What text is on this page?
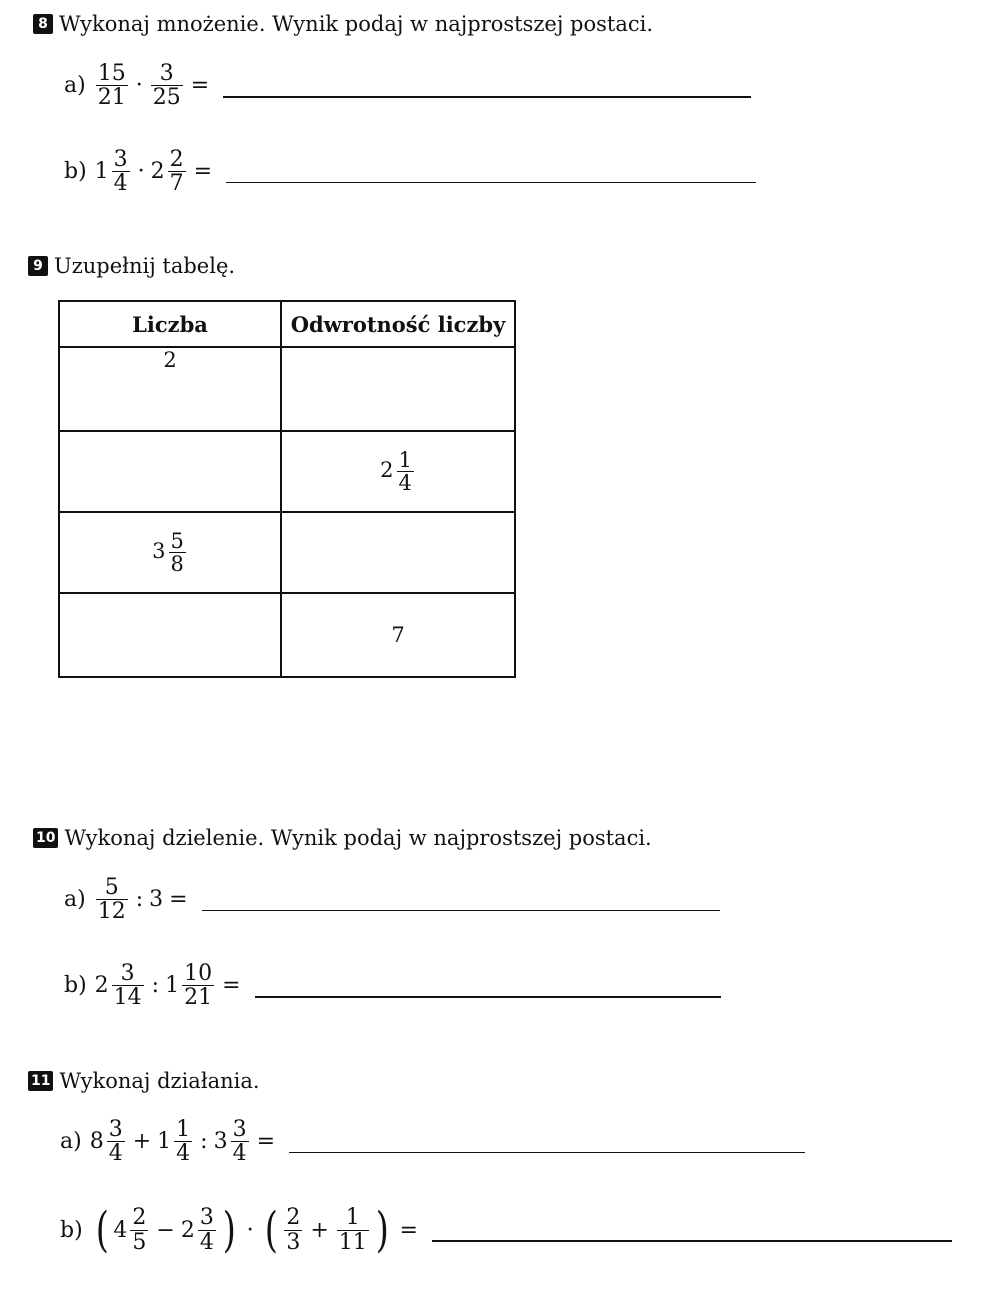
8 Wykonaj mnożenie. Wynik podaj w najprostszej postaci.
$a) \frac{15}{21} \cdot \frac{3}{25}$ =
b) $1 \frac{3}{4} \cdot 2 \frac{2}{7}$ =
9 Uzupełnij tabelę.
Liczba	Odwrotność liczby
2	
	$2 \frac{1}{4}$

$3 \frac{5}{8}$

	7
10 Wykonaj dzielenie. Wynik podaj w najprostszej postaci.
$a) \frac{5}{12}$ : 3 =
b) $2 \frac{3}{14}$ : $1 \frac{10}{21}$ =
11 Wykonaj działania.
a) $8 \frac{3}{4} + 1 \frac{1}{4}$ : $3 \frac{3}{4}$ =
b) ( $4 \frac{2}{5} - 2 \frac{3}{4}$ ) · ( $\frac{2}{3} + \frac{1}{11}$ ) =
